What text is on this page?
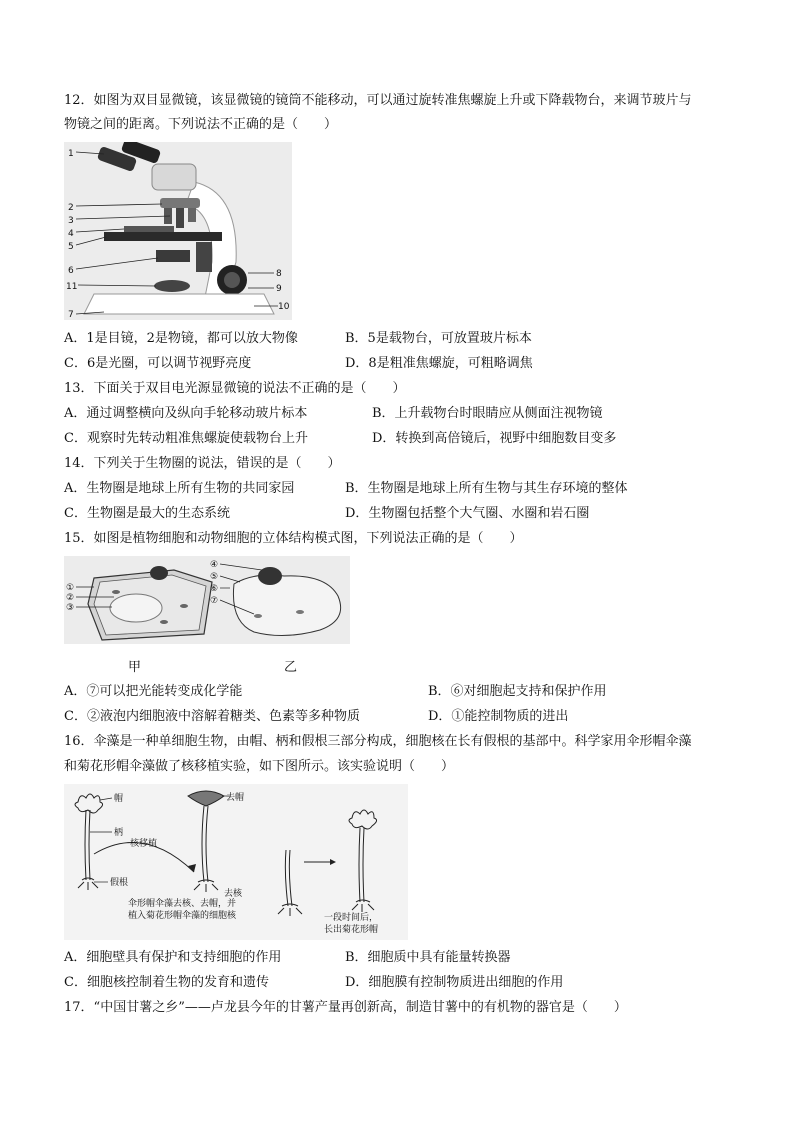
12．如图为双目显微镜，该显微镜的镜筒不能移动，可以通过旋转准焦螺旋上升或下降载物台，来调节玻片与
物镜之间的距离。下列说法不正确的是（　　）
1
2
3
4
5
6
11
7
8
9
10
A．1是目镜，2是物镜，都可以放大物像	B．5是载物台，可放置玻片标本
C．6是光圈，可以调节视野亮度	D．8是粗准焦螺旋，可粗略调焦
13．下面关于双目电光源显微镜的说法不正确的是（　　）
A．通过调整横向及纵向手轮移动玻片标本	B．上升载物台时眼睛应从侧面注视物镜
C．观察时先转动粗准焦螺旋使载物台上升	D．转换到高倍镜后，视野中细胞数目变多
14．下列关于生物圈的说法，错误的是（　　）
A．生物圈是地球上所有生物的共同家园	B．生物圈是地球上所有生物与其生存环境的整体
C．生物圈是最大的生态系统	D．生物圈包括整个大气圈、水圈和岩石圈
15．如图是植物细胞和动物细胞的立体结构模式图，下列说法正确的是（　　）
①
②
③
④
⑤
⑥
⑦
甲	乙
A．⑦可以把光能转变成化学能	B．⑥对细胞起支持和保护作用
C．②液泡内细胞液中溶解着糖类、色素等多种物质	D．①能控制物质的进出
16．伞藻是一种单细胞生物，由帽、柄和假根三部分构成，细胞核在长有假根的基部中。科学家用伞形帽伞藻
和菊花形帽伞藻做了核移植实验，如下图所示。该实验说明（　　）
帽
柄
核移植
假根
去帽
去核
伞形帽伞藻去核、去帽，并
植入菊花形帽伞藻的细胞核	一段时间后，
长出菊花形帽
A．细胞壁具有保护和支持细胞的作用	B．细胞质中具有能量转换器
C．细胞核控制着生物的发育和遗传	D．细胞膜有控制物质进出细胞的作用
17．“中国甘薯之乡”——卢龙县今年的甘薯产量再创新高，制造甘薯中的有机物的器官是（　　）
